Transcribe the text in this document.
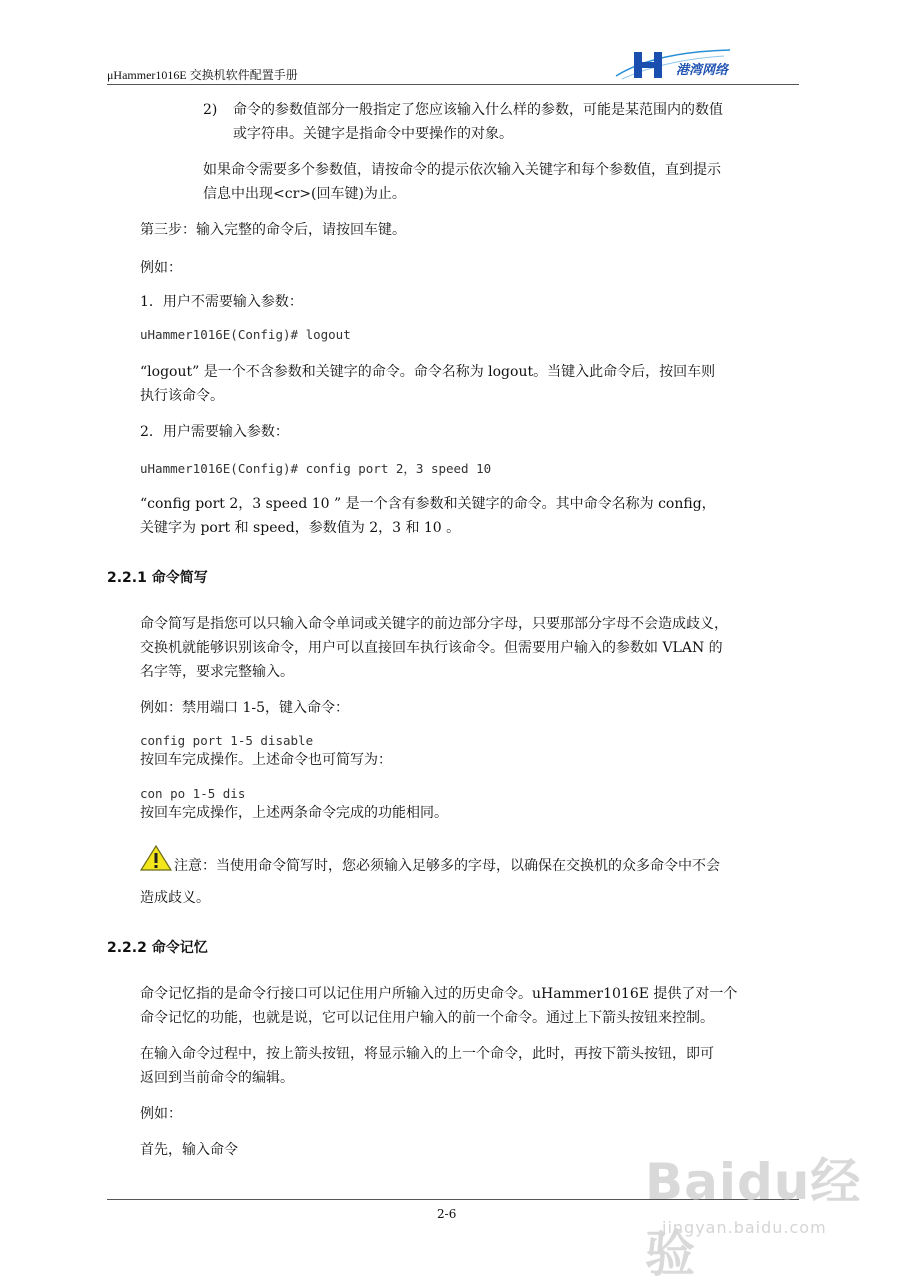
μHammer1016E 交换机软件配置手册	港湾网络
2) 命令的参数值部分一般指定了您应该输入什么样的参数，可能是某范围内的数值
或字符串。关键字是指命令中要操作的对象。
如果命令需要多个参数值，请按命令的提示依次输入关键字和每个参数值，直到提示
信息中出现<cr>(回车键)为止。
第三步：输入完整的命令后，请按回车键。
例如：
1．用户不需要输入参数：
uHammer1016E(Config)# logout
“logout” 是一个不含参数和关键字的命令。命令名称为 logout。当键入此命令后，按回车则
执行该命令。
2．用户需要输入参数：
uHammer1016E(Config)# config port 2，3 speed 10
“config port 2，3 speed 10 ” 是一个含有参数和关键字的命令。其中命令名称为 config，
关键字为 port 和 speed，参数值为 2，3 和 10 。
2.2.1 命令简写
命令简写是指您可以只输入命令单词或关键字的前边部分字母，只要那部分字母不会造成歧义，
交换机就能够识别该命令，用户可以直接回车执行该命令。但需要用户输入的参数如 VLAN 的
名字等，要求完整输入。
例如：禁用端口 1-5，键入命令：
config port 1-5 disable
按回车完成操作。上述命令也可简写为：
con po 1-5 dis
按回车完成操作，上述两条命令完成的功能相同。
注意：当使用命令简写时，您必须输入足够多的字母，以确保在交换机的众多命令中不会
造成歧义。
2.2.2 命令记忆
命令记忆指的是命令行接口可以记住用户所输入过的历史命令。uHammer1016E 提供了对一个
命令记忆的功能，也就是说，它可以记住用户输入的前一个命令。通过上下箭头按钮来控制。
在输入命令过程中，按上箭头按钮，将显示输入的上一个命令，此时，再按下箭头按钮，即可
返回到当前命令的编辑。
例如：
首先，输入命令
2-6
Baidu经验
jingyan.baidu.com
